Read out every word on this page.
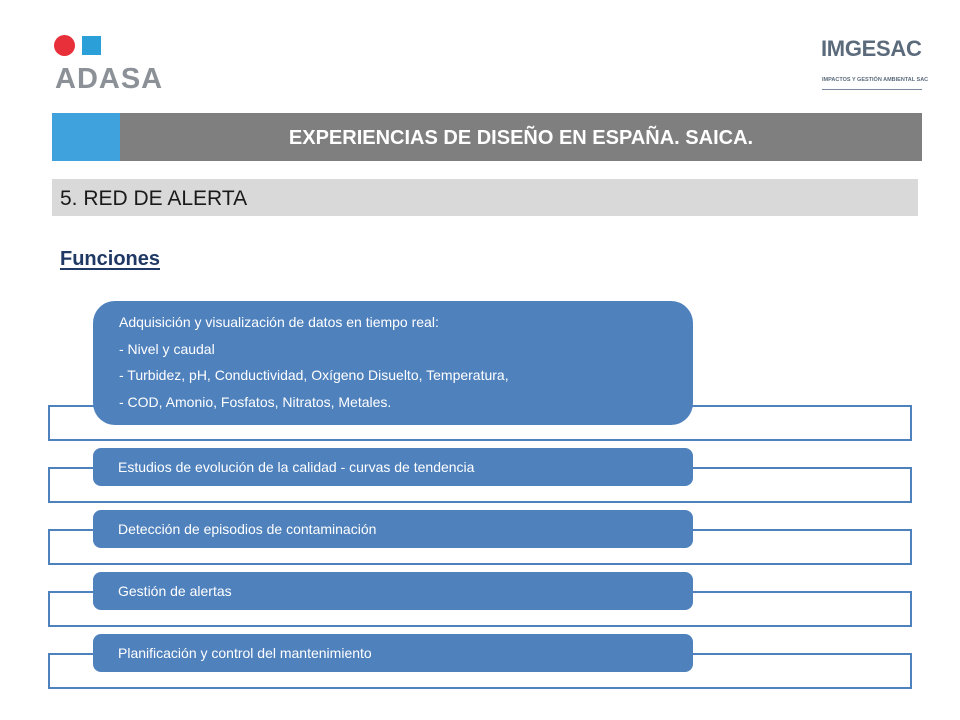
ADASA
IMGESAC
IMPACTOS Y GESTIÓN AMBIENTAL SAC
EXPERIENCIAS DE DISEÑO EN ESPAÑA. SAICA.
5. RED DE ALERTA
Funciones
Adquisición y visualización de datos en tiempo real:
- Nivel y caudal
- Turbidez, pH, Conductividad, Oxígeno Disuelto, Temperatura,
- COD, Amonio, Fosfatos, Nitratos, Metales.
Estudios de evolución de la calidad - curvas de tendencia
Detección de episodios de contaminación
Gestión de alertas
Planificación y control del mantenimiento
